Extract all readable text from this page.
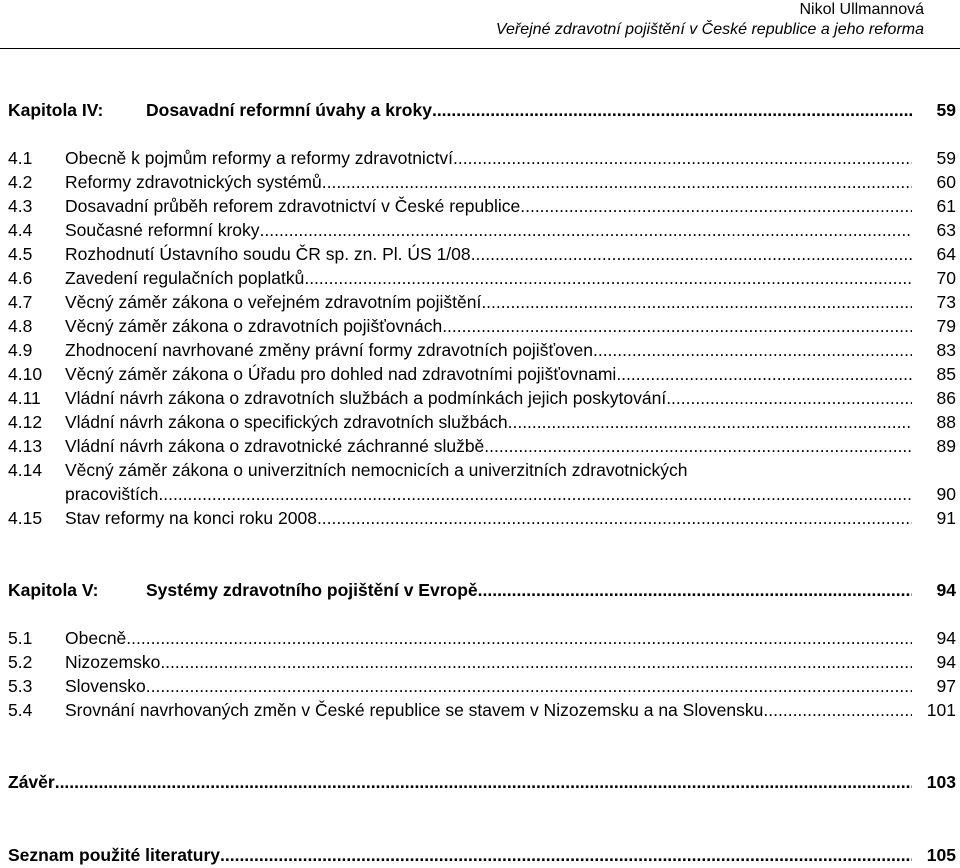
Nikol Ullmannová
Veřejné zdravotní pojištění v České republice a jeho reforma
Kapitola IV:	Dosavadní reformní úvahy a kroky .....	59
4.1	Obecně k pojmům reformy a reformy zdravotnictví .....	59
4.2	Reformy zdravotnických systémů .....	60
4.3	Dosavadní průběh reforem zdravotnictví v České republice .....	61
4.4	Současné reformní kroky .....	63
4.5	Rozhodnutí Ústavního soudu ČR sp. zn. Pl. ÚS 1/08 .....	64
4.6	Zavedení regulačních poplatků .....	70
4.7	Věcný záměr zákona o veřejném zdravotním pojištění .....	73
4.8	Věcný záměr zákona o zdravotních pojišťovnách .....	79
4.9	Zhodnocení navrhované změny právní formy zdravotních pojišťoven .....	83
4.10	Věcný záměr zákona o Úřadu pro dohled nad zdravotními pojišťovnami .....	85
4.11	Vládní návrh zákona o zdravotních službách a podmínkách jejich poskytování .....	86
4.12	Vládní návrh zákona o specifických zdravotních službách .....	88
4.13	Vládní návrh zákona o zdravotnické záchranné službě .....	89
4.14	Věcný záměr zákona o univerzitních nemocnicích a univerzitních zdravotnických
pracovištích .....	90
4.15	Stav reformy na konci roku 2008 .....	91
Kapitola V:	Systémy zdravotního pojištění v Evropě .....	94
5.1	Obecně .....	94
5.2	Nizozemsko .....	94
5.3	Slovensko .....	97
5.4	Srovnání navrhovaných změn v České republice se stavem v Nizozemsku a na Slovensku .....	101
Závěr .....	103
Seznam použité literatury .....	105
